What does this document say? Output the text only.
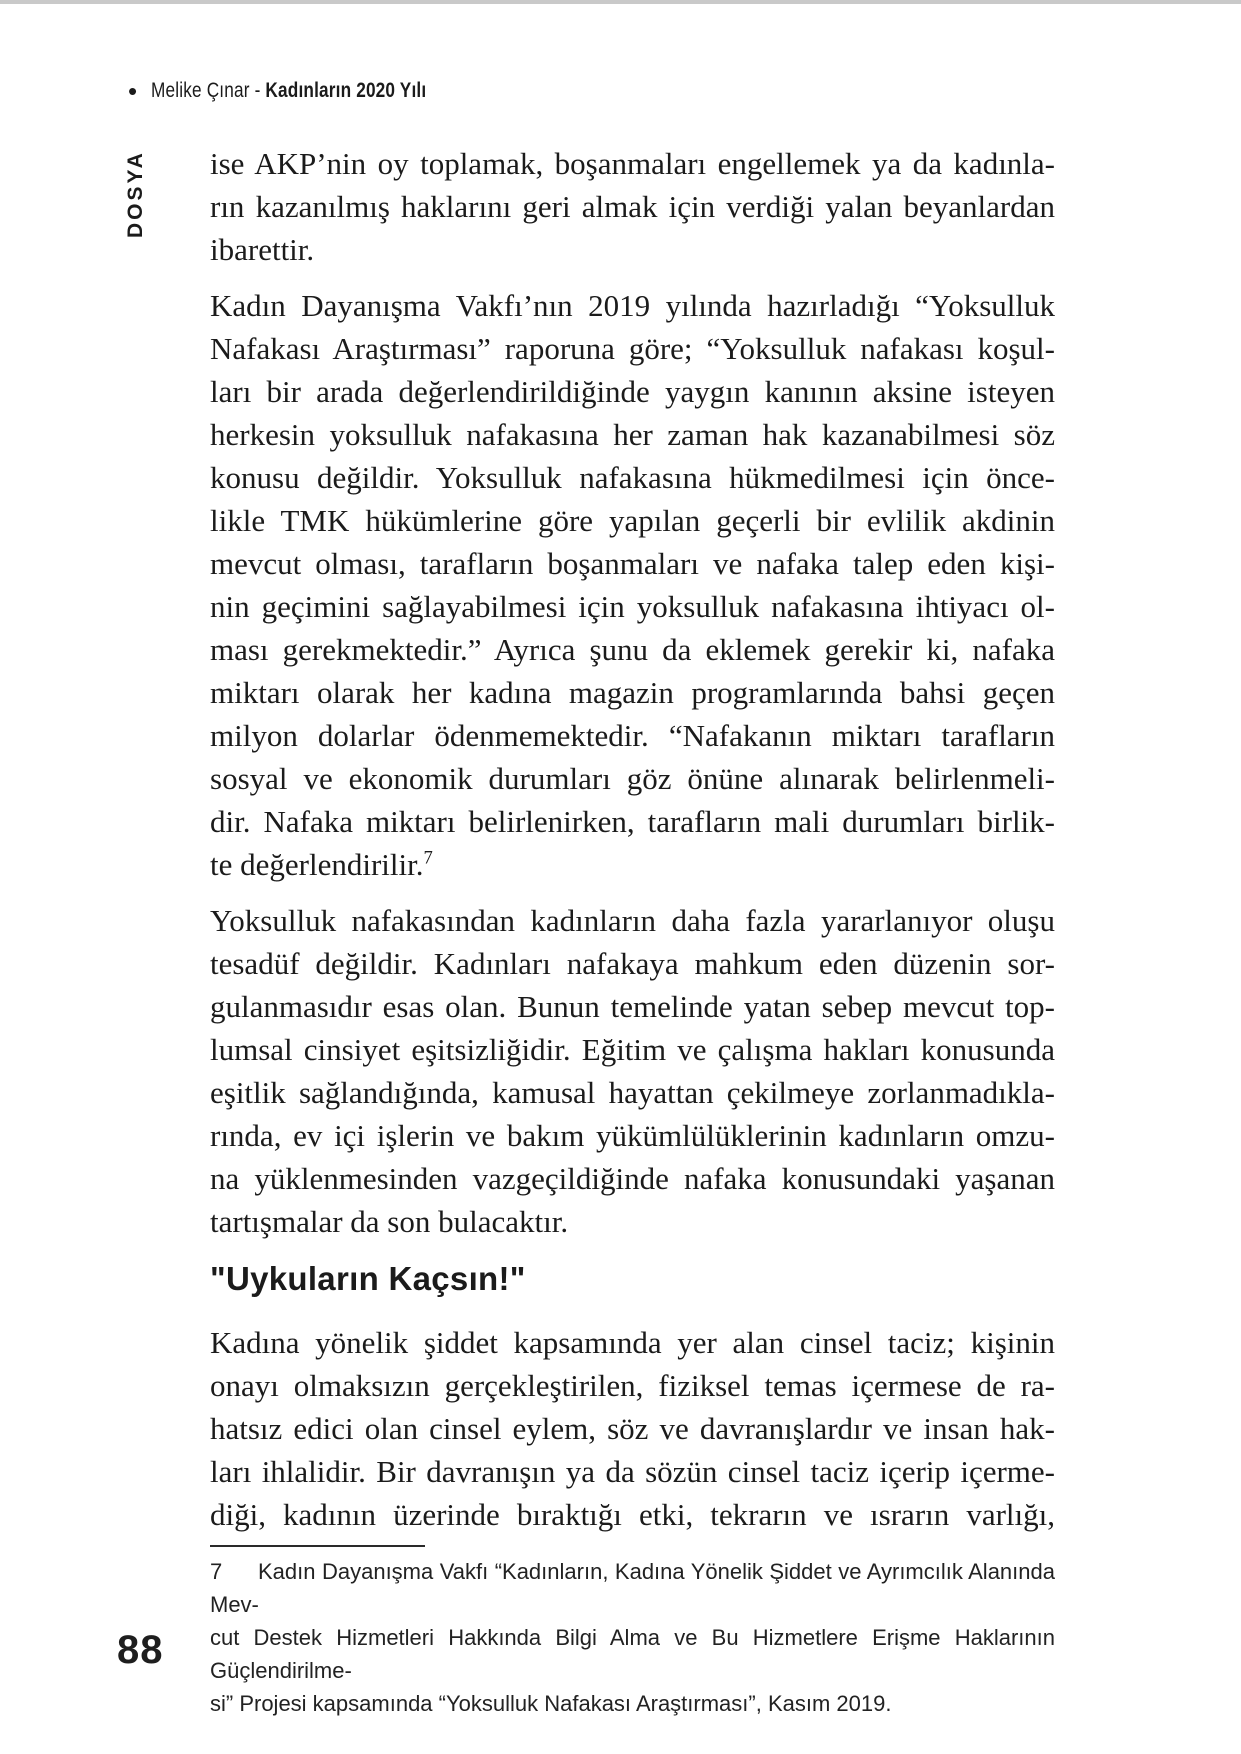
• Melike Çınar - Kadınların 2020 Yılı
DOSYA ise AKP’nin oy toplamak, boşanmaları engellemek ya da kadınla-
rın kazanılmış haklarını geri almak için verdiği yalan beyanlardan
ibarettir.
Kadın Dayanışma Vakfı’nın 2019 yılında hazırladığı “Yoksulluk
Nafakası Araştırması” raporuna göre; “Yoksulluk nafakası koşul-
ları bir arada değerlendirildiğinde yaygın kanının aksine isteyen
herkesin yoksulluk nafakasına her zaman hak kazanabilmesi söz
konusu değildir. Yoksulluk nafakasına hükmedilmesi için önce-
likle TMK hükümlerine göre yapılan geçerli bir evlilik akdinin
mevcut olması, tarafların boşanmaları ve nafaka talep eden kişi-
nin geçimini sağlayabilmesi için yoksulluk nafakasına ihtiyacı ol-
ması gerekmektedir.” Ayrıca şunu da eklemek gerekir ki, nafaka
miktarı olarak her kadına magazin programlarında bahsi geçen
milyon dolarlar ödenmemektedir. “Nafakanın miktarı tarafların
sosyal ve ekonomik durumları göz önüne alınarak belirlenmeli-
dir. Nafaka miktarı belirlenirken, tarafların mali durumları birlik-
te değerlendirilir.$^7$
Yoksulluk nafakasından kadınların daha fazla yararlanıyor oluşu
tesadüf değildir. Kadınları nafakaya mahkum eden düzenin sor-
gulanmasıdır esas olan. Bunun temelinde yatan sebep mevcut top-
lumsal cinsiyet eşitsizliğidir. Eğitim ve çalışma hakları konusunda
eşitlik sağlandığında, kamusal hayattan çekilmeye zorlanmadıkla-
rında, ev içi işlerin ve bakım yükümlülüklerinin kadınların omzu-
na yüklenmesinden vazgeçildiğinde nafaka konusundaki yaşanan
tartışmalar da son bulacaktır.
"Uykuların Kaçsın!"
Kadına yönelik şiddet kapsamında yer alan cinsel taciz; kişinin
onayı olmaksızın gerçekleştirilen, fiziksel temas içermese de ra-
hatsız edici olan cinsel eylem, söz ve davranışlardır ve insan hak-
ları ihlalidir. Bir davranışın ya da sözün cinsel taciz içerip içerme-
diği, kadının üzerinde bıraktığı etki, tekrarın ve ısrarın varlığı,
7 Kadın Dayanışma Vakfı “Kadınların, Kadına Yönelik Şiddet ve Ayrımcılık Alanında Mev-
cut Destek Hizmetleri Hakkında Bilgi Alma ve Bu Hizmetlere Erişme Haklarının Güçlendirilme-
si” Projesi kapsamında “Yoksulluk Nafakası Araştırması”, Kasım 2019.
88
